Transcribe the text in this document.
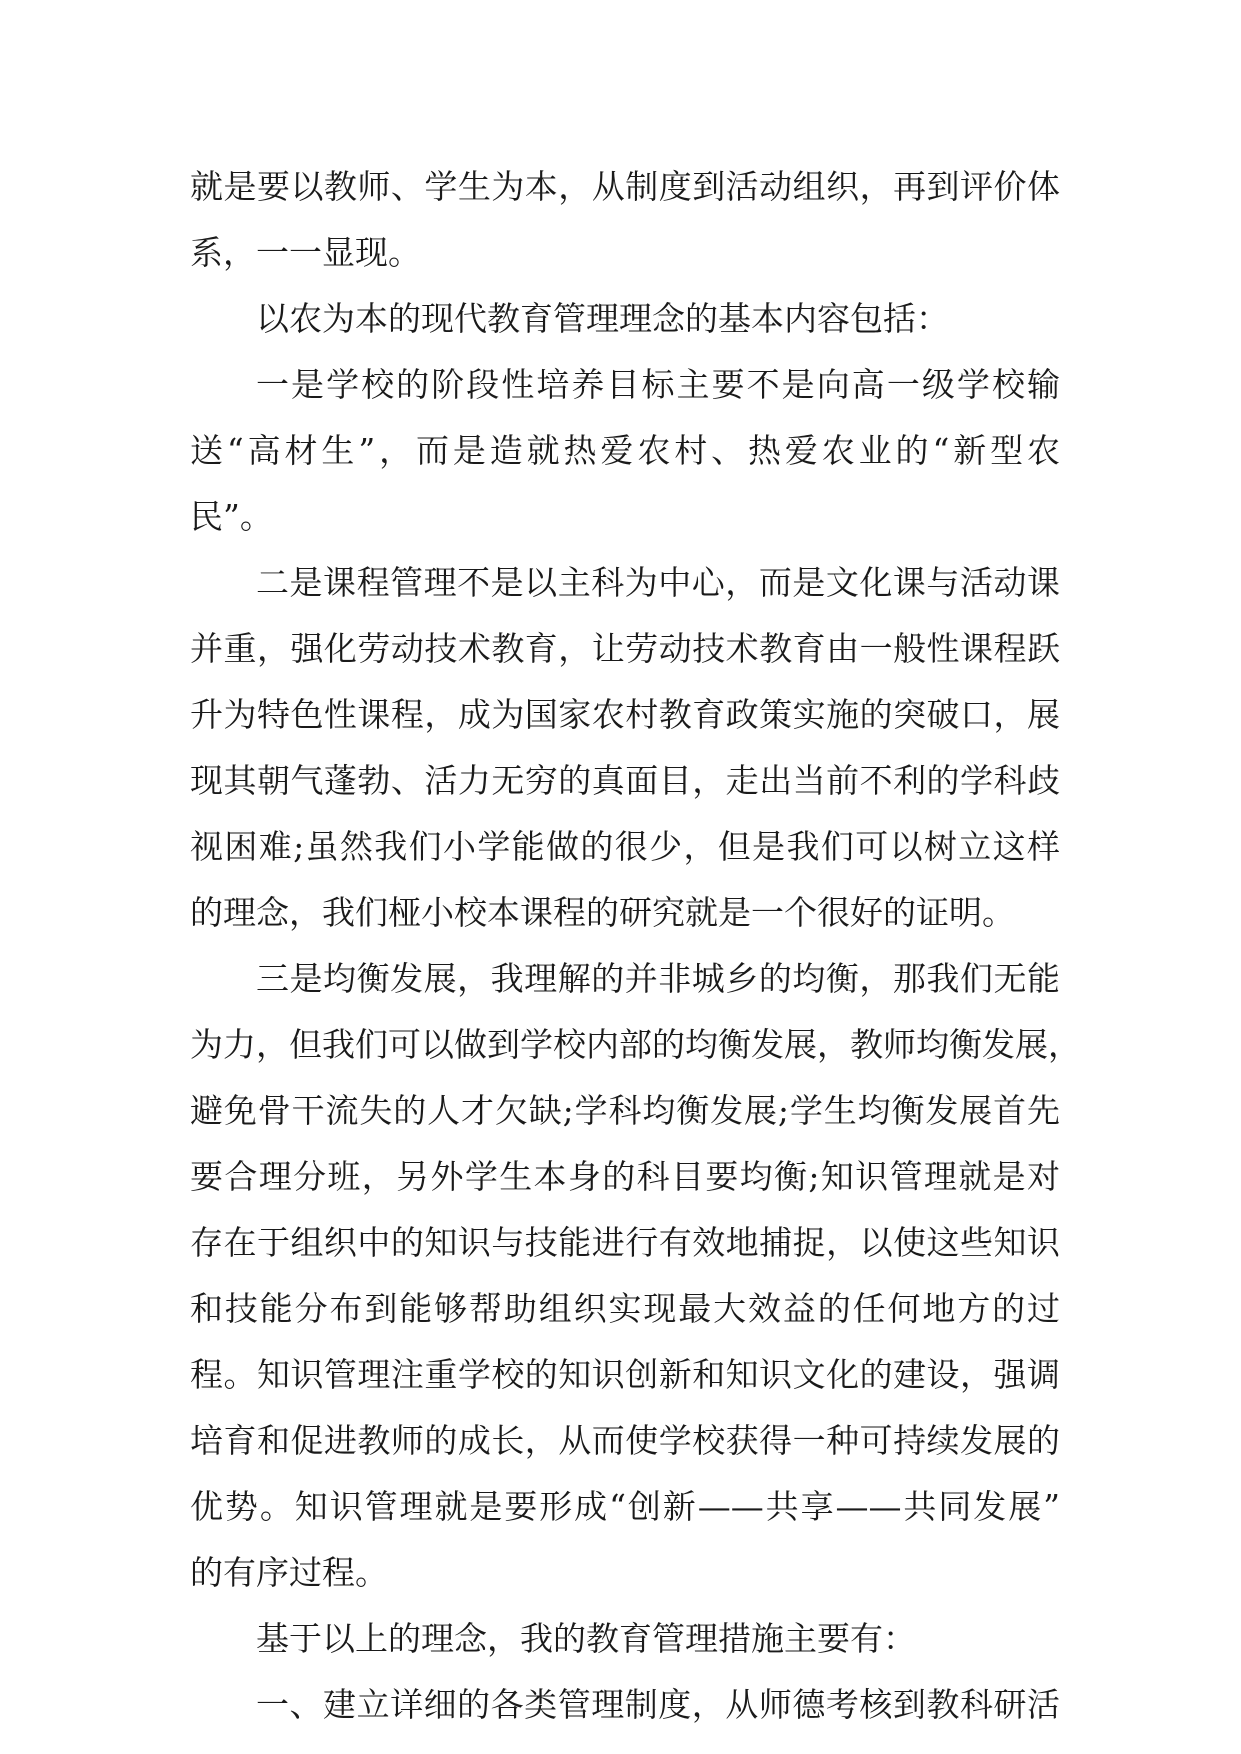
就是要以教师、学生为本，从制度到活动组织，再到评价体
系，一一显现。
以农为本的现代教育管理理念的基本内容包括：
一是学校的阶段性培养目标主要不是向高一级学校输
送“高材生”，而是造就热爱农村、热爱农业的“新型农
民”。
二是课程管理不是以主科为中心，而是文化课与活动课
并重，强化劳动技术教育，让劳动技术教育由一般性课程跃
升为特色性课程，成为国家农村教育政策实施的突破口，展
现其朝气蓬勃、活力无穷的真面目，走出当前不利的学科歧
视困难;虽然我们小学能做的很少，但是我们可以树立这样
的理念，我们桠小校本课程的研究就是一个很好的证明。
三是均衡发展，我理解的并非城乡的均衡，那我们无能
为力，但我们可以做到学校内部的均衡发展，教师均衡发展，
避免骨干流失的人才欠缺;学科均衡发展;学生均衡发展首先
要合理分班，另外学生本身的科目要均衡;知识管理就是对
存在于组织中的知识与技能进行有效地捕捉，以使这些知识
和技能分布到能够帮助组织实现最大效益的任何地方的过
程。知识管理注重学校的知识创新和知识文化的建设，强调
培育和促进教师的成长，从而使学校获得一种可持续发展的
优势。知识管理就是要形成“创新——共享——共同发展”
的有序过程。
基于以上的理念，我的教育管理措施主要有：
一、建立详细的各类管理制度，从师德考核到教科研活
